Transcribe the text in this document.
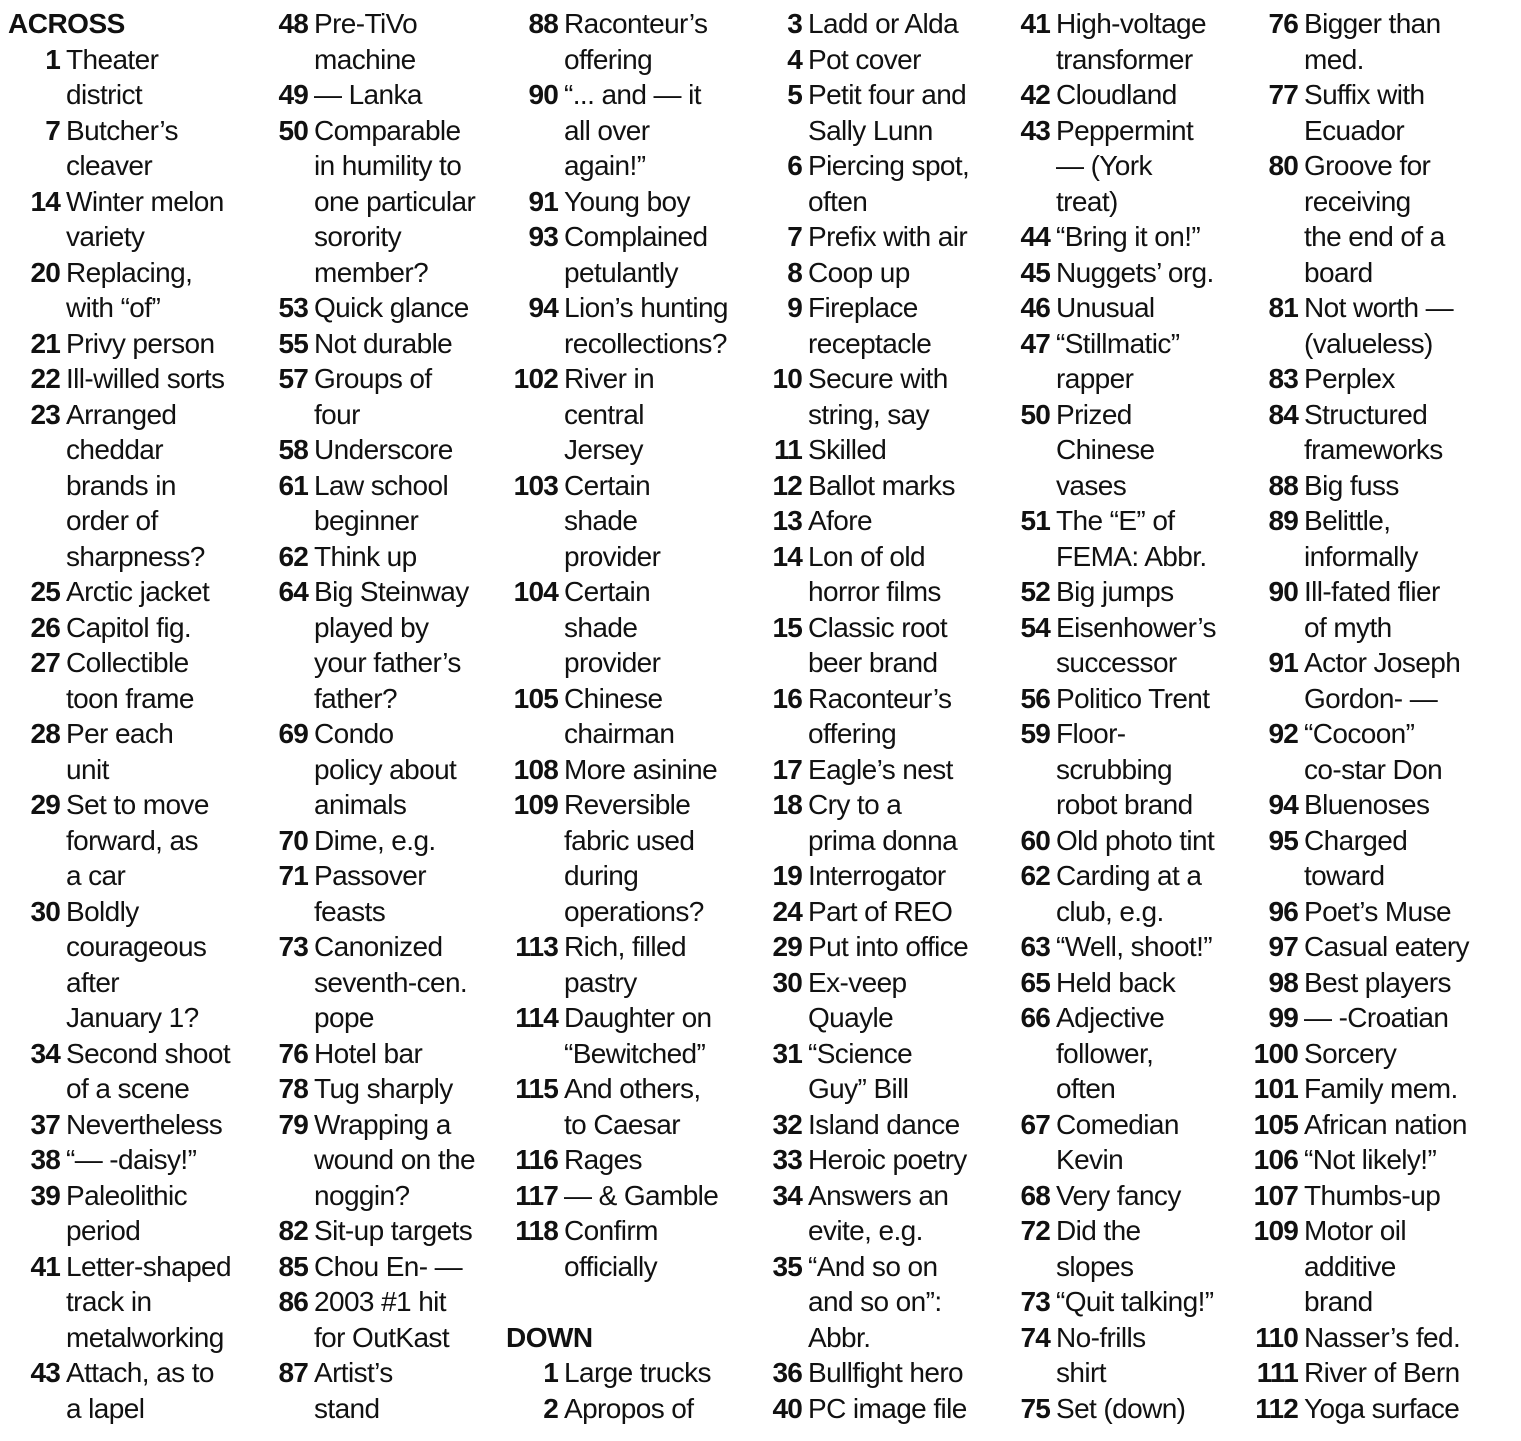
ACROSS
1 Theater
district
7 Butcher’s
cleaver
14 Winter melon
variety
20 Replacing,
with “of”
21 Privy person
22 Ill-willed sorts
23 Arranged
cheddar
brands in
order of
sharpness?
25 Arctic jacket
26 Capitol fig.
27 Collectible
toon frame
28 Per each
unit
29 Set to move
forward, as
a car
30 Boldly
courageous
after
January 1?
34 Second shoot
of a scene
37 Nevertheless
38 “— -daisy!”
39 Paleolithic
period
41 Letter-shaped
track in
metalworking
43 Attach, as to
a lapel
48 Pre-TiVo
machine
49 — Lanka
50 Comparable
in humility to
one particular
sorority
member?
53 Quick glance
55 Not durable
57 Groups of
four
58 Underscore
61 Law school
beginner
62 Think up
64 Big Steinway
played by
your father’s
father?
69 Condo
policy about
animals
70 Dime, e.g.
71 Passover
feasts
73 Canonized
seventh-cen.
pope
76 Hotel bar
78 Tug sharply
79 Wrapping a
wound on the
noggin?
82 Sit-up targets
85 Chou En- —
86 2003 #1 hit
for OutKast
87 Artist’s
stand
88 Raconteur’s
offering
90 “... and — it
all over
again!”
91 Young boy
93 Complained
petulantly
94 Lion’s hunting
recollections?
102 River in
central
Jersey
103 Certain
shade
provider
104 Certain
shade
provider
105 Chinese
chairman
108 More asinine
109 Reversible
fabric used
during
operations?
113 Rich, filled
pastry
114 Daughter on
“Bewitched”
115 And others,
to Caesar
116 Rages
117 — & Gamble
118 Confirm
officially
DOWN
1 Large trucks
2 Apropos of
3 Ladd or Alda
4 Pot cover
5 Petit four and
Sally Lunn
6 Piercing spot,
often
7 Prefix with air
8 Coop up
9 Fireplace
receptacle
10 Secure with
string, say
11 Skilled
12 Ballot marks
13 Afore
14 Lon of old
horror films
15 Classic root
beer brand
16 Raconteur’s
offering
17 Eagle’s nest
18 Cry to a
prima donna
19 Interrogator
24 Part of REO
29 Put into office
30 Ex-veep
Quayle
31 “Science
Guy” Bill
32 Island dance
33 Heroic poetry
34 Answers an
evite, e.g.
35 “And so on
and so on”:
Abbr.
36 Bullfight hero
40 PC image file
41 High-voltage
transformer
42 Cloudland
43 Peppermint
— (York
treat)
44 “Bring it on!”
45 Nuggets’ org.
46 Unusual
47 “Stillmatic”
rapper
50 Prized
Chinese
vases
51 The “E” of
FEMA: Abbr.
52 Big jumps
54 Eisenhower’s
successor
56 Politico Trent
59 Floor-
scrubbing
robot brand
60 Old photo tint
62 Carding at a
club, e.g.
63 “Well, shoot!”
65 Held back
66 Adjective
follower,
often
67 Comedian
Kevin
68 Very fancy
72 Did the
slopes
73 “Quit talking!”
74 No-frills
shirt
75 Set (down)
76 Bigger than
med.
77 Suffix with
Ecuador
80 Groove for
receiving
the end of a
board
81 Not worth —
(valueless)
83 Perplex
84 Structured
frameworks
88 Big fuss
89 Belittle,
informally
90 Ill-fated flier
of myth
91 Actor Joseph
Gordon- —
92 “Cocoon”
co-star Don
94 Bluenoses
95 Charged
toward
96 Poet’s Muse
97 Casual eatery
98 Best players
99 — -Croatian
100 Sorcery
101 Family mem.
105 African nation
106 “Not likely!”
107 Thumbs-up
109 Motor oil
additive
brand
110 Nasser’s fed.
111 River of Bern
112 Yoga surface
